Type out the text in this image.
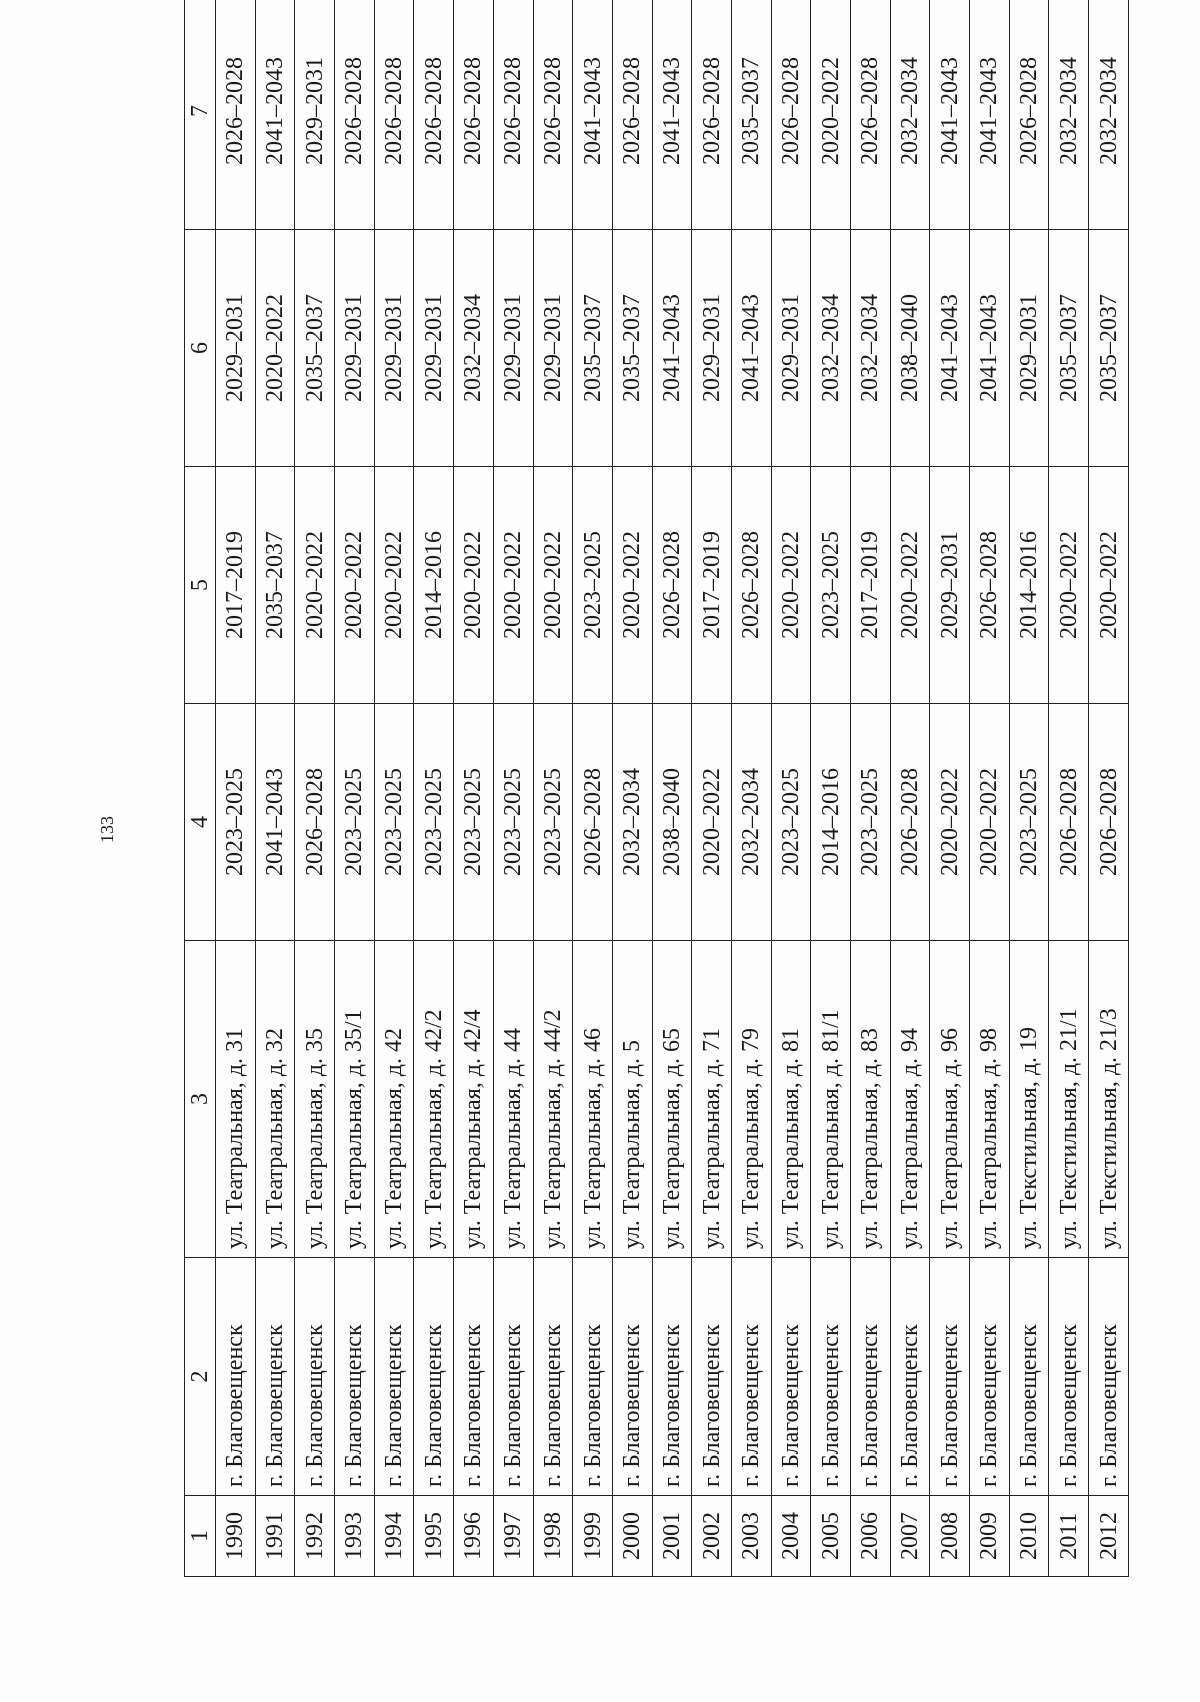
133
1	2	3	4	5	6	7
1990	г. Благовещенск	ул. Театральная, д. 31	2023–2025	2017–2019	2029–2031	2026–2028
1991	г. Благовещенск	ул. Театральная, д. 32	2041–2043	2035–2037	2020–2022	2041–2043
1992	г. Благовещенск	ул. Театральная, д. 35	2026–2028	2020–2022	2035–2037	2029–2031
1993	г. Благовещенск	ул. Театральная, д. 35/1	2023–2025	2020–2022	2029–2031	2026–2028
1994	г. Благовещенск	ул. Театральная, д. 42	2023–2025	2020–2022	2029–2031	2026–2028
1995	г. Благовещенск	ул. Театральная, д. 42/2	2023–2025	2014–2016	2029–2031	2026–2028
1996	г. Благовещенск	ул. Театральная, д. 42/4	2023–2025	2020–2022	2032–2034	2026–2028
1997	г. Благовещенск	ул. Театральная, д. 44	2023–2025	2020–2022	2029–2031	2026–2028
1998	г. Благовещенск	ул. Театральная, д. 44/2	2023–2025	2020–2022	2029–2031	2026–2028
1999	г. Благовещенск	ул. Театральная, д. 46	2026–2028	2023–2025	2035–2037	2041–2043
2000	г. Благовещенск	ул. Театральная, д. 5	2032–2034	2020–2022	2035–2037	2026–2028
2001	г. Благовещенск	ул. Театральная, д. 65	2038–2040	2026–2028	2041–2043	2041–2043
2002	г. Благовещенск	ул. Театральная, д. 71	2020–2022	2017–2019	2029–2031	2026–2028
2003	г. Благовещенск	ул. Театральная, д. 79	2032–2034	2026–2028	2041–2043	2035–2037
2004	г. Благовещенск	ул. Театральная, д. 81	2023–2025	2020–2022	2029–2031	2026–2028
2005	г. Благовещенск	ул. Театральная, д. 81/1	2014–2016	2023–2025	2032–2034	2020–2022
2006	г. Благовещенск	ул. Театральная, д. 83	2023–2025	2017–2019	2032–2034	2026–2028
2007	г. Благовещенск	ул. Театральная, д. 94	2026–2028	2020–2022	2038–2040	2032–2034
2008	г. Благовещенск	ул. Театральная, д. 96	2020–2022	2029–2031	2041–2043	2041–2043
2009	г. Благовещенск	ул. Театральная, д. 98	2020–2022	2026–2028	2041–2043	2041–2043
2010	г. Благовещенск	ул. Текстильная, д. 19	2023–2025	2014–2016	2029–2031	2026–2028
2011	г. Благовещенск	ул. Текстильная, д. 21/1	2026–2028	2020–2022	2035–2037	2032–2034
2012	г. Благовещенск	ул. Текстильная, д. 21/3	2026–2028	2020–2022	2035–2037	2032–2034
